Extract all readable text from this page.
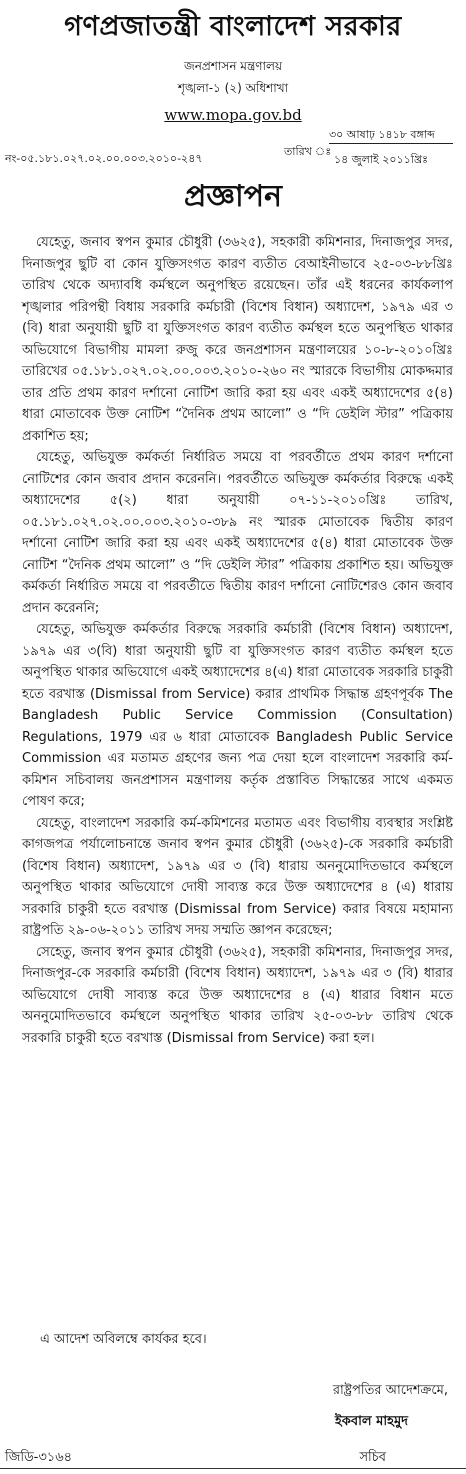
গণপ্রজাতন্ত্রী বাংলাদেশ সরকার
জনপ্রশাসন মন্ত্রণালয়
শৃঙ্খলা-১ (২) অধিশাখা
www.mopa.gov.bd
৩০ আষাঢ় ১৪১৮ বঙ্গাব্দ
তারিখ ঃ
১৪ জুলাই ২০১১খ্রিঃ
নং-০৫.১৮১.০২৭.০২.০০.০০৩.২০১০-২৪৭
প্রজ্ঞাপন

যেহেতু, জনাব স্বপন কুমার চৌধুরী (৩৬২৫), সহকারী কমিশনার, দিনাজপুর সদর, দিনাজপুর ছুটি বা কোন যুক্তিসংগত কারণ ব্যতীত বেআইনীভাবে ২৫-০৩-৮৮খ্রিঃ তারিখ থেকে অদ্যাবধি কর্মস্থলে অনুপস্থিত রয়েছেন। তাঁর এই ধরনের কার্যকলাপ শৃঙ্খলার পরিপন্থী বিধায় সরকারি কর্মচারী (বিশেষ বিধান) অধ্যাদেশ, ১৯৭৯ এর ৩ (বি) ধারা অনুযায়ী ছুটি বা যুক্তিসংগত কারণ ব্যতীত কর্মস্থল হতে অনুপস্থিত থাকার অভিযোগে বিভাগীয় মামলা রুজু করে জনপ্রশাসন মন্ত্রণালয়ের ১০-৮-২০১০খ্রিঃ তারিখের ০৫.১৮১.০২৭.০২.০০.০০৩.২০১০-২৬০ নং স্মারকে বিভাগীয় মোকদ্দমার তার প্রতি প্রথম কারণ দর্শানো নোটিশ জারি করা হয় এবং একই অধ্যাদেশের ৫(৪) ধারা মোতাবেক উক্ত নোটিশ “দৈনিক প্রথম আলো” ও “দি ডেইলি স্টার” পত্রিকায় প্রকাশিত হয়;

যেহেতু, অভিযুক্ত কর্মকর্তা নির্ধারিত সময়ে বা পরবর্তীতে প্রথম কারণ দর্শানো নোটিশের কোন জবাব প্রদান করেননি। পরবর্তীতে অভিযুক্ত কর্মকর্তার বিরুদ্ধে একই অধ্যাদেশের ৫(২) ধারা অনুযায়ী ০৭-১১-২০১০খ্রিঃ তারিখ, ০৫.১৮১.০২৭.০২.০০.০০৩.২০১০-৩৮৯ নং স্মারক মোতাবেক দ্বিতীয় কারণ দর্শানো নোটিশ জারি করা হয় এবং একই অধ্যাদেশের ৫(৪) ধারা মোতাবেক উক্ত নোটিশ “দৈনিক প্রথম আলো” ও “দি ডেইলি স্টার” পত্রিকায় প্রকাশিত হয়। অভিযুক্ত কর্মকর্তা নির্ধারিত সময়ে বা পরবর্তীতে দ্বিতীয় কারণ দর্শানো নোটিশেরও কোন জবাব প্রদান করেননি;

যেহেতু, অভিযুক্ত কর্মকর্তার বিরুদ্ধে সরকারি কর্মচারী (বিশেষ বিধান) অধ্যাদেশ, ১৯৭৯ এর ৩(বি) ধারা অনুযায়ী ছুটি বা যুক্তিসংগত কারণ ব্যতীত কর্মস্থল হতে অনুপস্থিত থাকার অভিযোগে একই অধ্যাদেশের ৪(এ) ধারা মোতাবেক সরকারি চাকুরী হতে বরখাস্ত (Dismissal from Service) করার প্রাথমিক সিদ্ধান্ত গ্রহণপূর্বক The Bangladesh Public Service Commission (Consultation) Regulations, 1979 এর ৬ ধারা মোতাবেক Bangladesh Public Service Commission এর মতামত গ্রহণের জন্য পত্র দেয়া হলে বাংলাদেশ সরকারি কর্ম-কমিশন সচিবালয় জনপ্রশাসন মন্ত্রণালয় কর্তৃক প্রস্তাবিত সিদ্ধান্তের সাথে একমত পোষণ করে;

যেহেতু, বাংলাদেশ সরকারি কর্ম-কমিশনের মতামত এবং বিভাগীয় ব্যবস্থার সংশ্লিষ্ট কাগজপত্র পর্যালোচনান্তে জনাব স্বপন কুমার চৌধুরী (৩৬২৫)-কে সরকারি কর্মচারী (বিশেষ বিধান) অধ্যাদেশ, ১৯৭৯ এর ৩ (বি) ধারায় অননুমোদিতভাবে কর্মস্থলে অনুপস্থিত থাকার অভিযোগে দোষী সাব্যস্ত করে উক্ত অধ্যাদেশের ৪ (এ) ধারায় সরকারি চাকুরী হতে বরখাস্ত (Dismissal from Service) করার বিষয়ে মহামান্য রাষ্ট্রপতি ২৯-০৬-২০১১ তারিখ সদয় সম্মতি জ্ঞাপন করেছেন;

সেহেতু, জনাব স্বপন কুমার চৌধুরী (৩৬২৫), সহকারী কমিশনার, দিনাজপুর সদর, দিনাজপুর-কে সরকারি কর্মচারী (বিশেষ বিধান) অধ্যাদেশ, ১৯৭৯ এর ৩ (বি) ধারার অভিযোগে দোষী সাব্যস্ত করে উক্ত অধ্যাদেশের ৪ (এ) ধারার বিধান মতে অননুমোদিতভাবে কর্মস্থলে অনুপস্থিত থাকার তারিখ ২৫-০৩-৮৮ তারিখ থেকে সরকারি চাকুরী হতে বরখাস্ত (Dismissal from Service) করা হল।

এ আদেশ অবিলম্বে কার্যকর হবে।
রাষ্ট্রপতির আদেশক্রমে,
ইকবাল মাহমুদ
সচিব
জিডি-৩১৬৪
